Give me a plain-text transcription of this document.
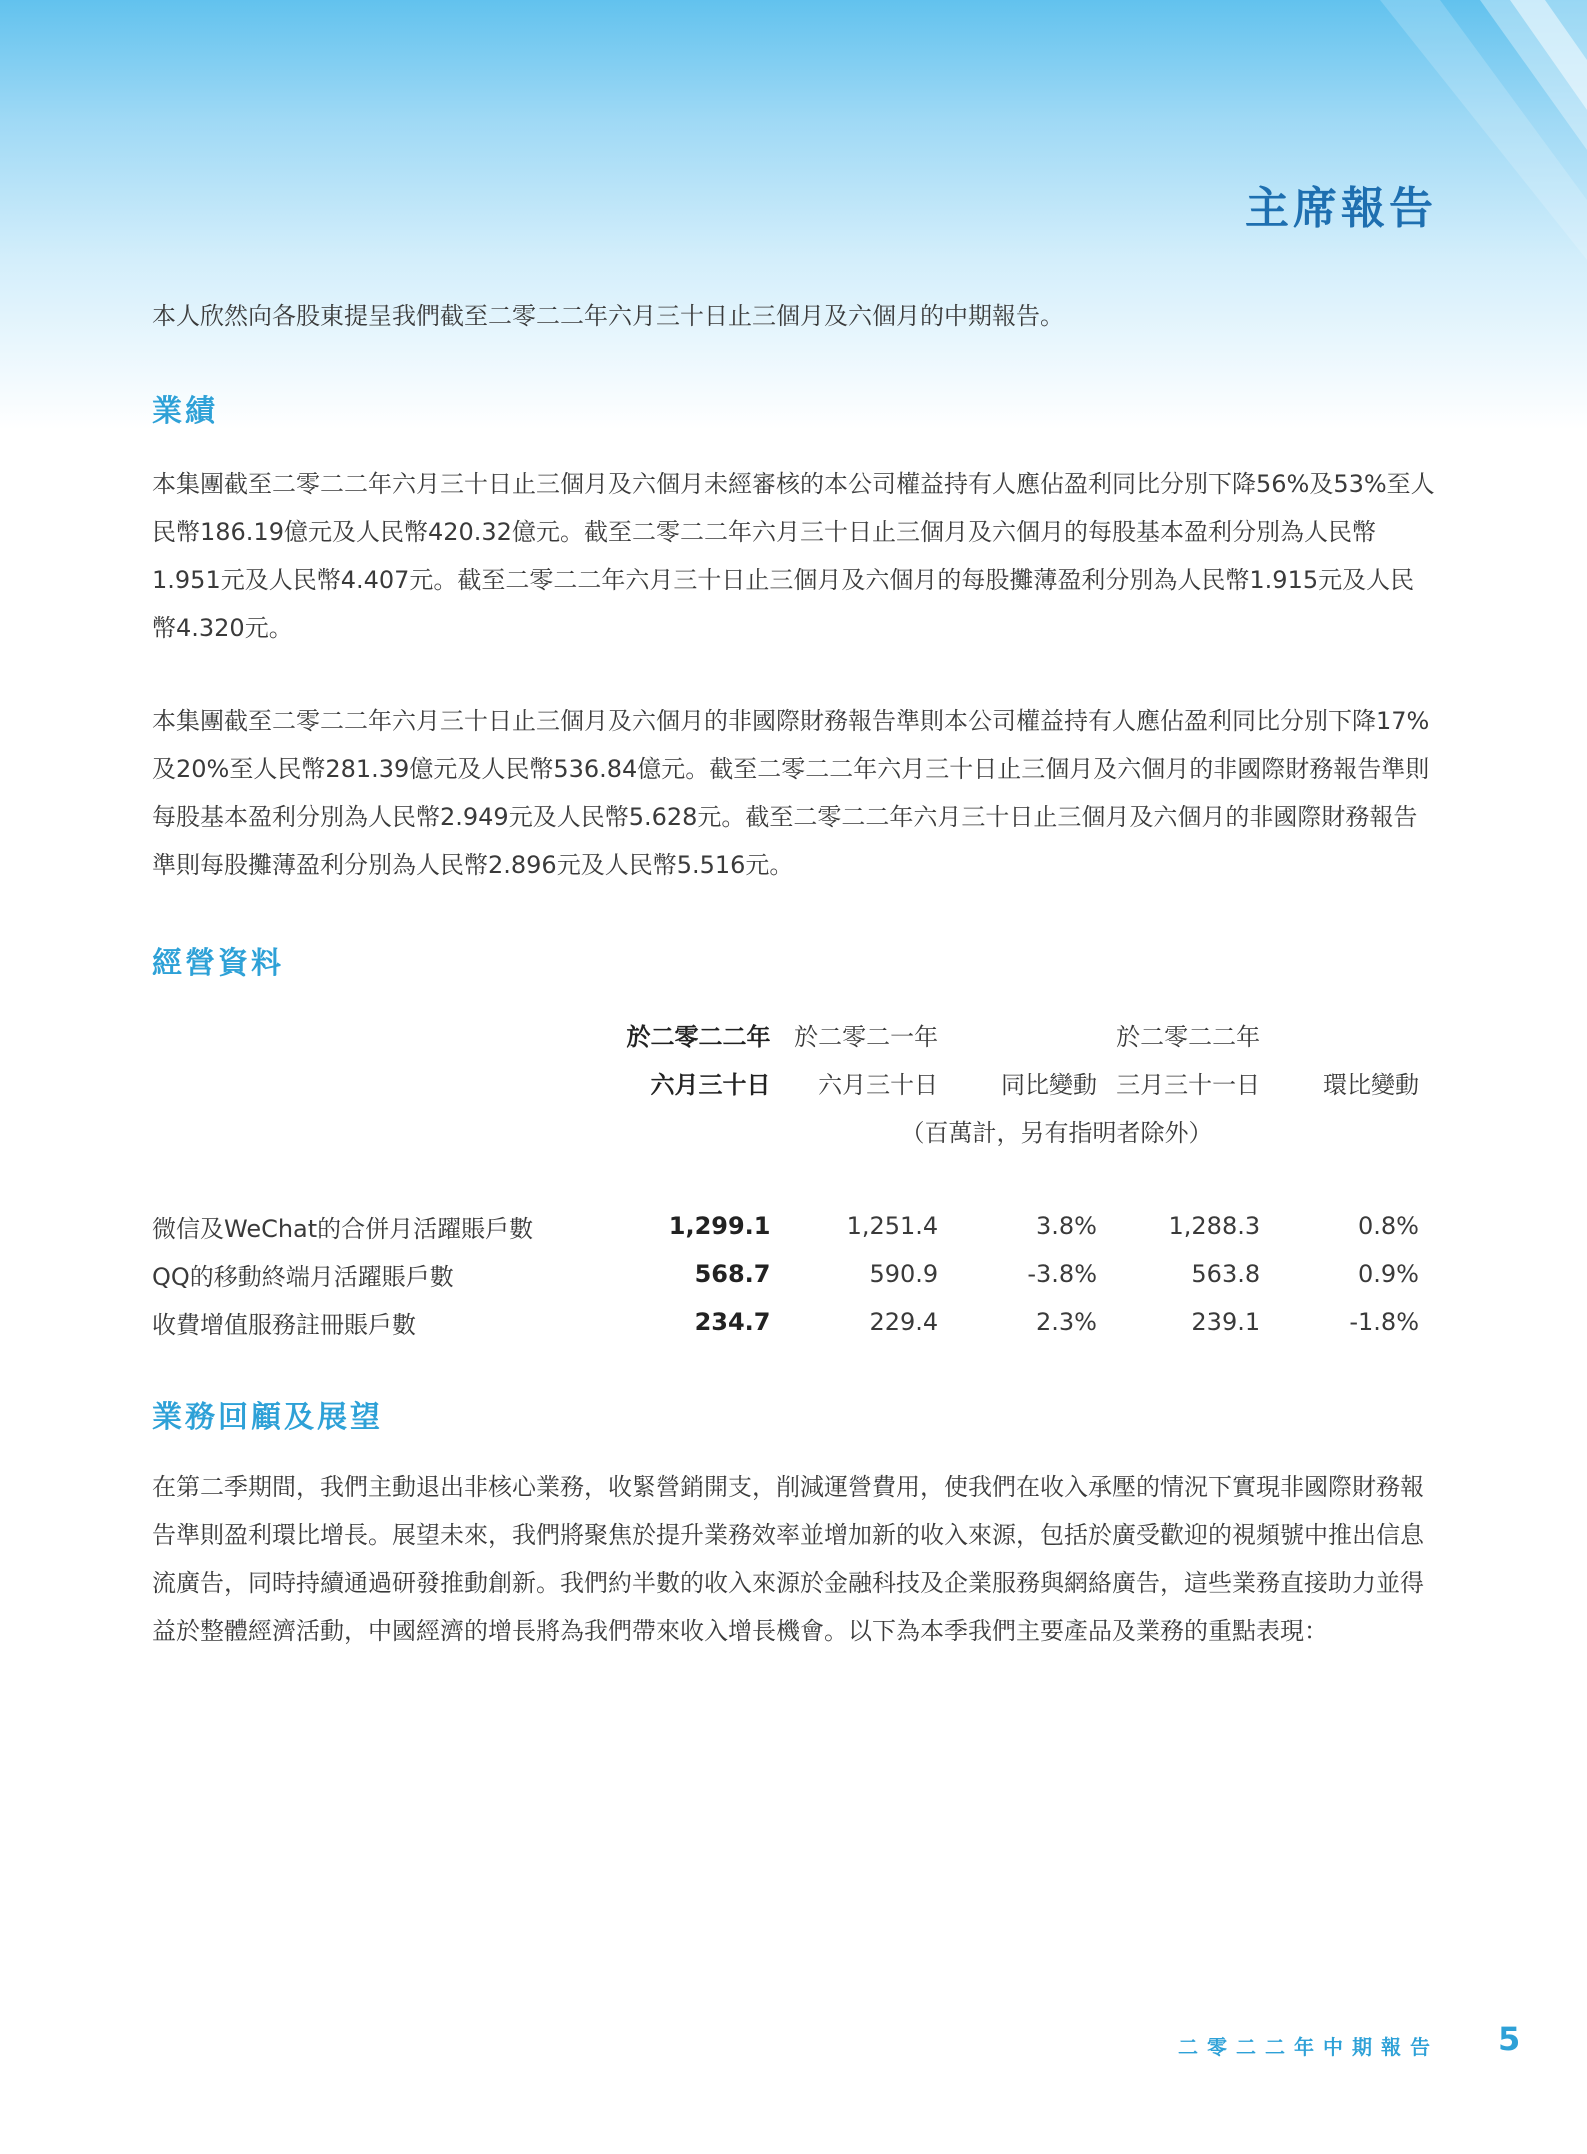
主席報告

本人欣然向各股東提呈我們截至二零二二年六月三十日止三個月及六個月的中期報告。

業績

本集團截至二零二二年六月三十日止三個月及六個月未經審核的本公司權益持有人應佔盈利同比分別下降56%及53%至人民幣186.19億元及人民幣420.32億元。截至二零二二年六月三十日止三個月及六個月的每股基本盈利分別為人民幣1.951元及人民幣4.407元。截至二零二二年六月三十日止三個月及六個月的每股攤薄盈利分別為人民幣1.915元及人民幣4.320元。

本集團截至二零二二年六月三十日止三個月及六個月的非國際財務報告準則本公司權益持有人應佔盈利同比分別下降17%及20%至人民幣281.39億元及人民幣536.84億元。截至二零二二年六月三十日止三個月及六個月的非國際財務報告準則每股基本盈利分別為人民幣2.949元及人民幣5.628元。截至二零二二年六月三十日止三個月及六個月的非國際財務報告準則每股攤薄盈利分別為人民幣2.896元及人民幣5.516元。

經營資料
	於二零二二年	於二零二一年		於二零二二年	
	六月三十日	六月三十日	同比變動	三月三十一日	環比變動

	（百萬計，另有指明者除外）				

微信及WeChat的合併月活躍賬戶數	1,299.1	1,251.4	3.8%	1,288.3	0.8%
QQ的移動終端月活躍賬戶數	568.7	590.9	-3.8%	563.8	0.9%
收費增值服務註冊賬戶數	234.7	229.4	2.3%	239.1	-1.8%
業務回顧及展望

在第二季期間，我們主動退出非核心業務，收緊營銷開支，削減運營費用，使我們在收入承壓的情況下實現非國際財務報告準則盈利環比增長。展望未來，我們將聚焦於提升業務效率並增加新的收入來源，包括於廣受歡迎的視頻號中推出信息流廣告，同時持續通過研發推動創新。我們約半數的收入來源於金融科技及企業服務與網絡廣告，這些業務直接助力並得益於整體經濟活動，中國經濟的增長將為我們帶來收入增長機會。以下為本季我們主要產品及業務的重點表現：

二零二二年中期報告 5
